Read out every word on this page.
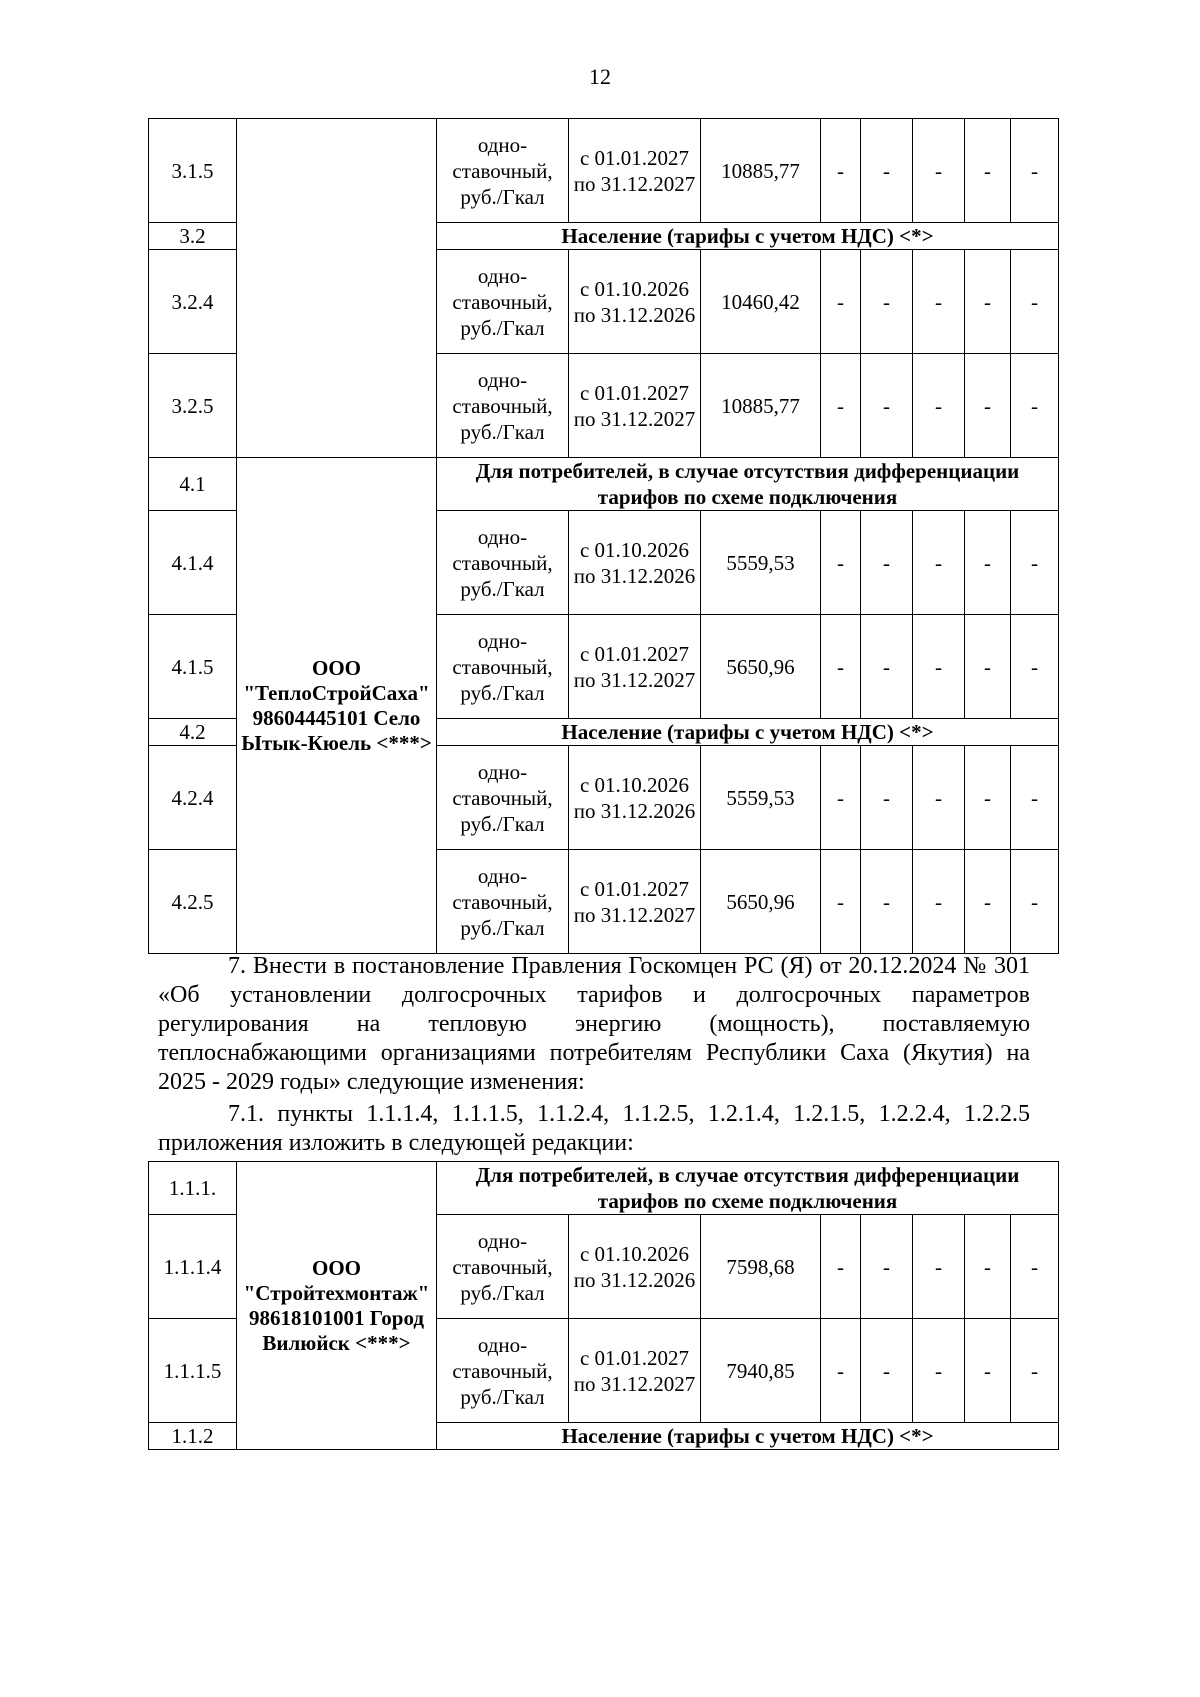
12
3.1.5		одно-ставочный, руб./Гкал	с 01.01.2027 по 31.12.2027	10885,77	-	-	-	-	-
3.2		Население (тарифы с учетом НДС) <*>							
3.2.4		одно-ставочный, руб./Гкал	с 01.10.2026 по 31.12.2026	10460,42	-	-	-	-	-
3.2.5		одно-ставочный, руб./Гкал	с 01.01.2027 по 31.12.2027	10885,77	-	-	-	-	-
4.1	ООО "ТеплоСтройСаха" 98604445101 Село Ытык-Кюель <***>	Для потребителей, в случае отсутствия дифференциации тарифов по схеме подключения							
4.1.4		одно-ставочный, руб./Гкал	с 01.10.2026 по 31.12.2026	5559,53	-	-	-	-	-
4.1.5		одно-ставочный, руб./Гкал	с 01.01.2027 по 31.12.2027	5650,96	-	-	-	-	-
4.2		Население (тарифы с учетом НДС) <*>							
4.2.4		одно-ставочный, руб./Гкал	с 01.10.2026 по 31.12.2026	5559,53	-	-	-	-	-
4.2.5		одно-ставочный, руб./Гкал	с 01.01.2027 по 31.12.2027	5650,96	-	-	-	-	-
7. Внести в постановление Правления Госкомцен РС (Я) от 20.12.2024 № 301 «Об установлении долгосрочных тарифов и долгосрочных параметров регулирования на тепловую энергию (мощность), поставляемую теплоснабжающими организациями потребителям Республики Саха (Якутия) на 2025 - 2029 годы» следующие изменения:
7.1. пункты 1.1.1.4, 1.1.1.5, 1.1.2.4, 1.1.2.5, 1.2.1.4, 1.2.1.5, 1.2.2.4, 1.2.2.5 приложения изложить в следующей редакции:
1.1.1.	ООО "Стройтехмонтаж" 98618101001 Город Вилюйск <***>	Для потребителей, в случае отсутствия дифференциации тарифов по схеме подключения							
1.1.1.4		одно-ставочный, руб./Гкал	с 01.10.2026 по 31.12.2026	7598,68	-	-	-	-	-
1.1.1.5		одно-ставочный, руб./Гкал	с 01.01.2027 по 31.12.2027	7940,85	-	-	-	-	-
1.1.2		Население (тарифы с учетом НДС) <*>							
